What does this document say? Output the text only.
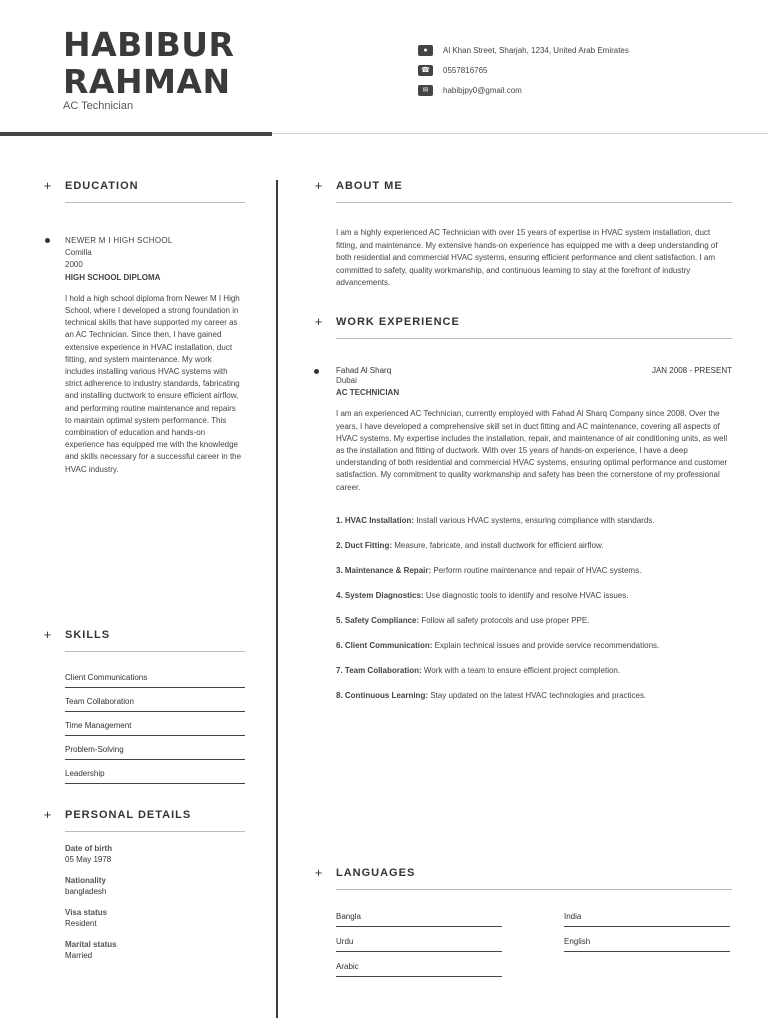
HABIBUR
RAHMAN
AC Technician
●	Al Khan Street, Sharjah, 1234, United Arab Emirates
☎	0557816765
✉	habibjpy0@gmail.com
+ EDUCATION
NEWER M I HIGH SCHOOL
Comilla
2000
HIGH SCHOOL DIPLOMA
I hold a high school diploma from Newer M I High School, where I developed a strong foundation in technical skills that have supported my career as an AC Technician. Since then, I have gained extensive experience in HVAC installation, duct fitting, and system maintenance. My work includes installing various HVAC systems with strict adherence to industry standards, fabricating and installing ductwork to ensure efficient airflow, and performing routine maintenance and repairs to maintain optimal system performance. This combination of education and hands-on experience has equipped me with the knowledge and skills necessary for a successful career in the HVAC industry.
+ SKILLS
Client Communications
Team Collaboration
Time Management
Problem-Solving
Leadership
+ PERSONAL DETAILS
Date of birth
05 May 1978
Nationality
bangladesh
Visa status
Resident
Marital status
Married
+ ABOUT ME
I am a highly experienced AC Technician with over 15 years of expertise in HVAC system installation, duct fitting, and maintenance. My extensive hands-on experience has equipped me with a deep understanding of both residential and commercial HVAC systems, ensuring efficient performance and client satisfaction. I am committed to safety, quality workmanship, and continuous learning to stay at the forefront of industry advancements.
+ WORK EXPERIENCE
Fahad Al Sharq	JAN 2008 - PRESENT
Dubai
AC TECHNICIAN
I am an experienced AC Technician, currently employed with Fahad Al Sharq Company since 2008. Over the years, I have developed a comprehensive skill set in duct fitting and AC maintenance, covering all aspects of HVAC systems. My expertise includes the installation, repair, and maintenance of air conditioning units, as well as the installation and fitting of ductwork. With over 15 years of hands-on experience, I have a deep understanding of both residential and commercial HVAC systems, ensuring optimal performance and customer satisfaction. My commitment to quality workmanship and safety has been the cornerstone of my professional career.
1. HVAC Installation: Install various HVAC systems, ensuring compliance with standards.
2. Duct Fitting: Measure, fabricate, and install ductwork for efficient airflow.
3. Maintenance & Repair: Perform routine maintenance and repair of HVAC systems.
4. System Diagnostics: Use diagnostic tools to identify and resolve HVAC issues.
5. Safety Compliance: Follow all safety protocols and use proper PPE.
6. Client Communication: Explain technical issues and provide service recommendations.
7. Team Collaboration: Work with a team to ensure efficient project completion.
8. Continuous Learning: Stay updated on the latest HVAC technologies and practices.
+ LANGUAGES
Bangla	India
Urdu	English
Arabic
